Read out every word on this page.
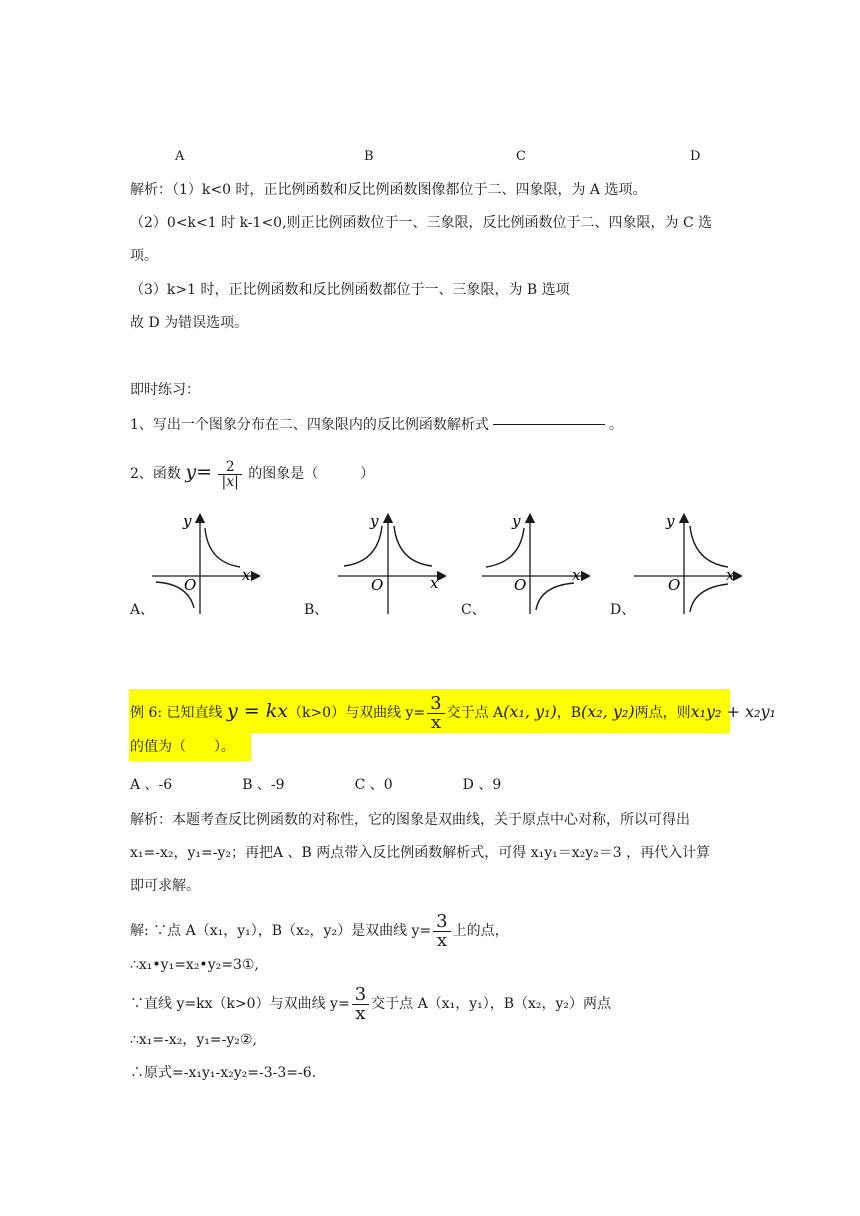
A	B	C	D
解析：（1）k<0 时，正比例函数和反比例函数图像都位于二、四象限，为 A 选项。
（2）0<k<1 时 k-1<0,则正比例函数位于一、三象限，反比例函数位于二、四象限，为 C 选
项。
（3）k>1 时，正比例函数和反比例函数都位于一、三象限，为 B 选项
故 D 为错误选项。
即时练习：
1、写出一个图象分布在二、四象限内的反比例函数解析式	。
2、函数 $y= \frac{2}{|x|}$ 的图象是（　　　）
y
x
O
A、
y
x
O
B、
y
x
O
C、
y
x
O
D、
例 6: 已知直线 y = kx（k>0）与双曲线 $y= \frac{3}{x}$ 交于点 A(x₁, y₁)，B(x₂, y₂)两点，则x₁y₂ + x₂y₁
的值为（　　）。
A 、-6　　　　　B 、-9　　　　　C 、0　　　　　D 、9
解析：本题考查反比例函数的对称性，它的图象是双曲线，关于原点中心对称，所以可得出
x₁=-x₂，y₁=-y₂；再把A 、B 两点带入反比例函数解析式，可得 x₁y₁＝x₂y₂＝3 ，再代入计算
即可求解。
解: ∵点 A（x₁，y₁），B（x₂，y₂）是双曲线 $y= \frac{3}{x}$ 上的点，
∴x₁•y₁=x₂•y₂=3①,
∵直线 y=kx（k>0）与双曲线 $y= \frac{3}{x}$ 交于点 A（x₁，y₁），B（x₂，y₂）两点
∴x₁=-x₂，y₁=-y₂②,
∴原式=-x₁y₁-x₂y₂=-3-3=-6.
